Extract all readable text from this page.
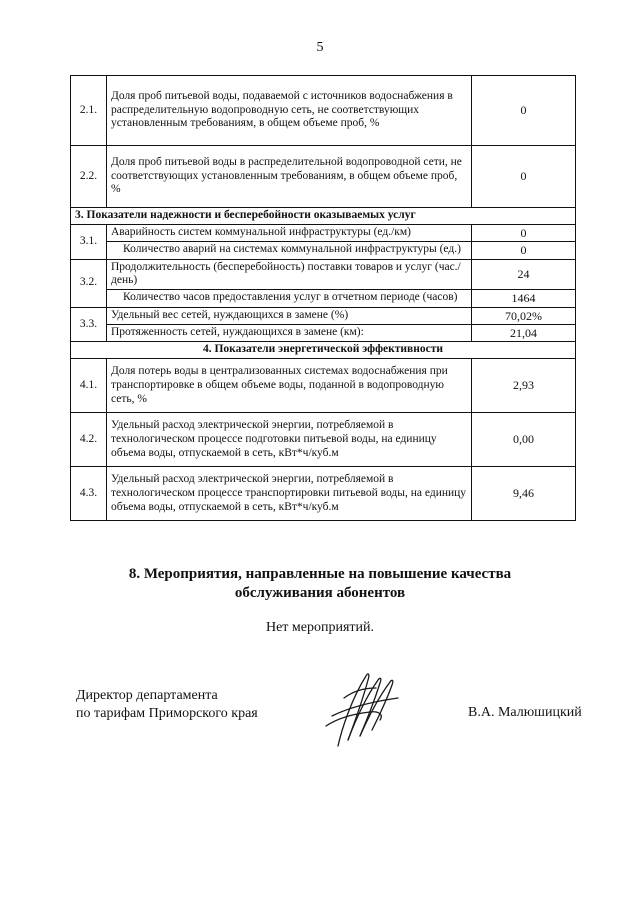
5
2.1.	Доля проб питьевой воды, подаваемой с источников водоснабжения в распределительную водопроводную сеть, не соответствующих установленным требованиям, в общем объеме проб, %	0
2.2.	Доля проб питьевой воды в распределительной водопроводной сети, не соответствующих установленным требованиям, в общем объеме проб, %	0
3. Показатели надежности и бесперебойности оказываемых услуг		
3.1.	Аварийность систем коммунальной инфраструктуры (ед./км)	0
	Количество аварий на системах коммунальной инфраструктуры (ед.)	0
3.2.	Продолжительность (бесперебойность) поставки товаров и услуг (час./день)	24
	Количество часов предоставления услуг в отчетном периоде (часов)	1464
3.3.	Удельный вес сетей, нуждающихся в замене (%)	70,02%
	Протяженность сетей, нуждающихся в замене (км):	21,04
4. Показатели энергетической эффективности		
4.1.	Доля потерь воды в централизованных системах водоснабжения при транспортировке в общем объеме воды, поданной в водопроводную сеть, %	2,93
4.2.	Удельный расход электрической энергии, потребляемой в технологическом процессе подготовки питьевой воды, на единицу объема воды, отпускаемой в сеть, кВт*ч/куб.м	0,00
4.3.	Удельный расход электрической энергии, потребляемой в технологическом процессе транспортировки питьевой воды, на единицу объема воды, отпускаемой в сеть, кВт*ч/куб.м	9,46
8. Мероприятия, направленные на повышение качества
обслуживания абонентов
Нет мероприятий.
Директор департамента
по тарифам Приморского края	В.А. Малюшицкий
